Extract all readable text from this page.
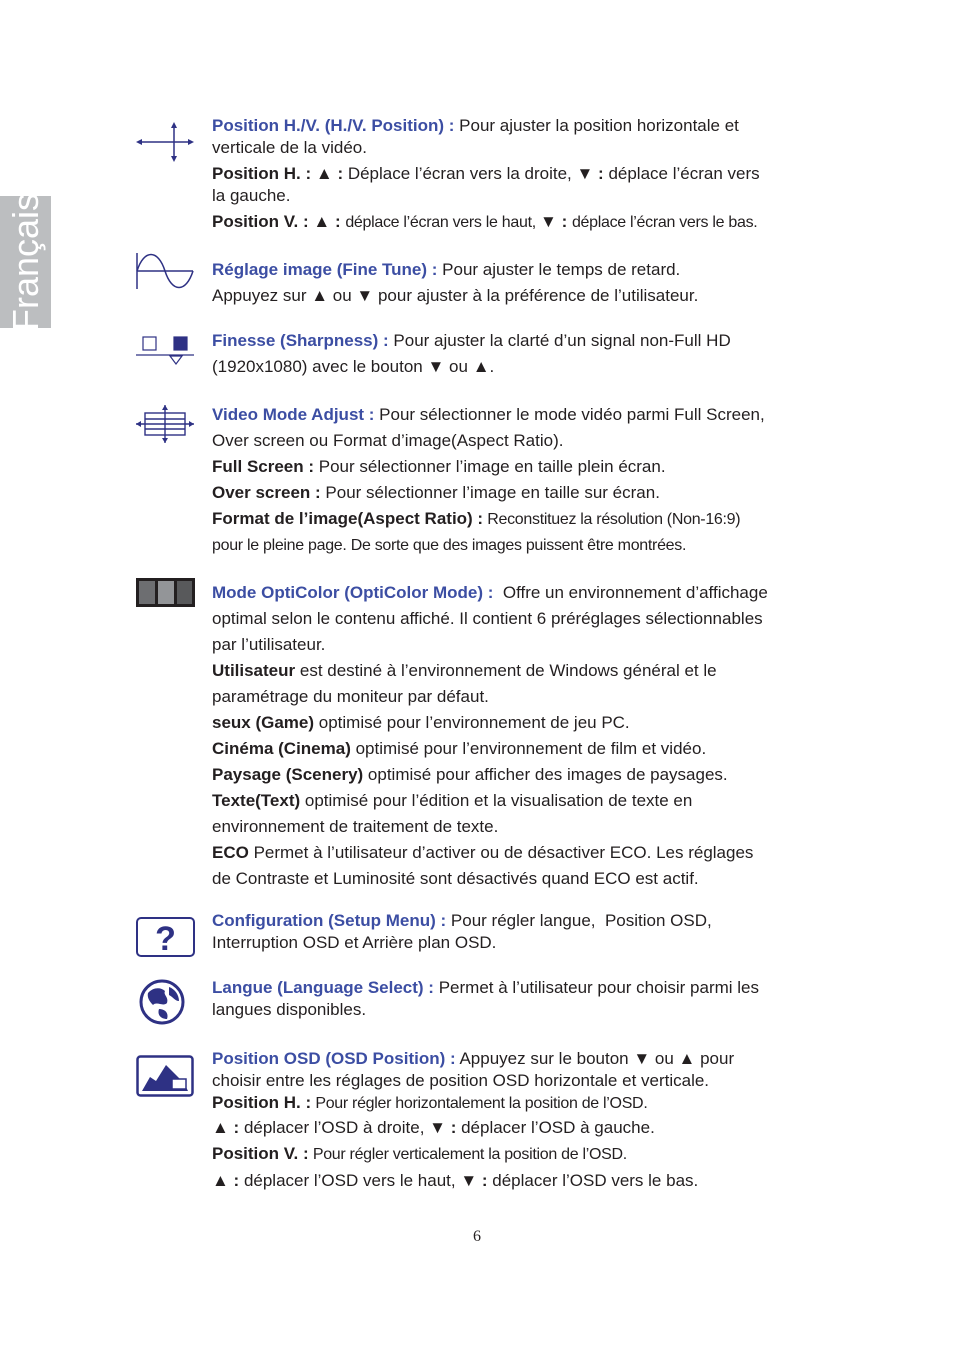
Français
?
Position H./V. (H./V. Position) : Pour ajuster la position horizontale et
verticale de la vidéo.
Position H. : ▲ : Déplace l’écran vers la droite, ▼ : déplace l’écran vers
la gauche.
Position V. : ▲ : déplace l’écran vers le haut, ▼ : déplace l’écran vers le bas.
Réglage image (Fine Tune) : Pour ajuster le temps de retard.
Appuyez sur ▲ ou ▼ pour ajuster à la préférence de l’utilisateur.
Finesse (Sharpness) : Pour ajuster la clarté d’un signal non-Full HD
(1920x1080) avec le bouton ▼ ou ▲.
Video Mode Adjust : Pour sélectionner le mode vidéo parmi Full Screen,
Over screen ou Format d’image(Aspect Ratio).
Full Screen : Pour sélectionner l’image en taille plein écran.
Over screen : Pour sélectionner l’image en taille sur écran.
Format de l’image(Aspect Ratio) : Reconstituez la résolution (Non-16:9)
pour le pleine page. De sorte que des images puissent être montrées.
Mode OptiColor (OptiColor Mode) :  Offre un environnement d’affichage
optimal selon le contenu affiché. Il contient 6 préréglages sélectionnables
par l’utilisateur.
Utilisateur est destiné à l’environnement de Windows général et le
paramétrage du moniteur par défaut.
seux (Game) optimisé pour l’environnement de jeu PC.
Cinéma (Cinema) optimisé pour l’environnement de film et vidéo.
Paysage (Scenery) optimisé pour afficher des images de paysages.
Texte(Text) optimisé pour l’édition et la visualisation de texte en
environnement de traitement de texte.
ECO Permet à l’utilisateur d’activer ou de désactiver ECO. Les réglages
de Contraste et Luminosité sont désactivés quand ECO est actif.
Configuration (Setup Menu) : Pour régler langue,  Position OSD,
Interruption OSD et Arrière plan OSD.
Langue (Language Select) : Permet à l’utilisateur pour choisir parmi les
langues disponibles.
Position OSD (OSD Position) : Appuyez sur le bouton ▼ ou ▲ pour
choisir entre les réglages de position OSD horizontale et verticale.
Position H. : Pour régler horizontalement la position de l’OSD.
▲ : déplacer l’OSD à droite, ▼ : déplacer l’OSD à gauche.
Position V. : Pour régler verticalement la position de l’OSD.
▲ : déplacer l’OSD vers le haut, ▼ : déplacer l’OSD vers le bas.
6
